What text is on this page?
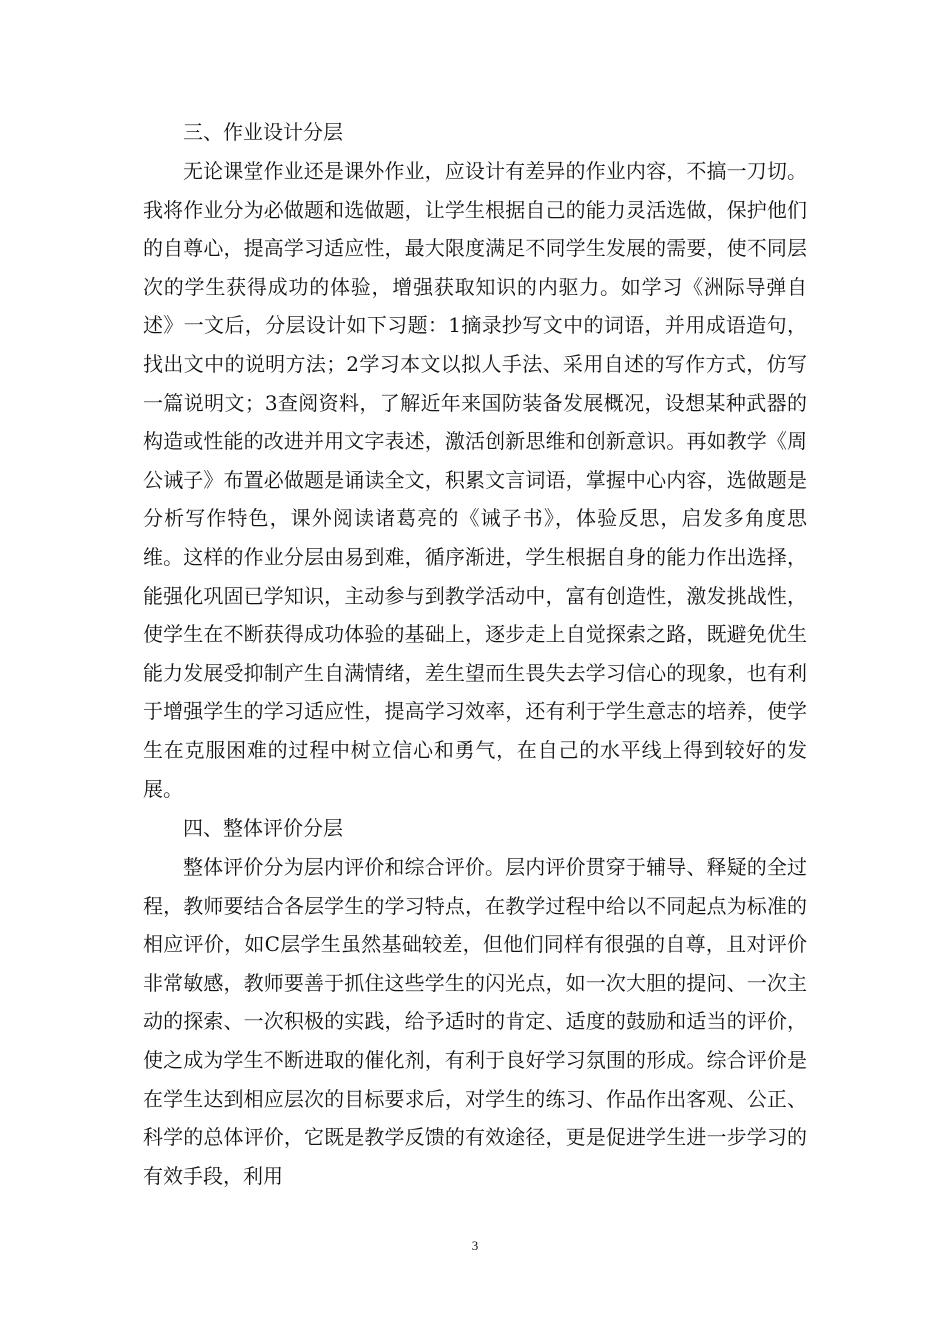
三、作业设计分层

无论课堂作业还是课外作业，应设计有差异的作业内容，不搞一刀切。我将作业分为必做题和选做题，让学生根据自己的能力灵活选做，保护他们的自尊心，提高学习适应性，最大限度满足不同学生发展的需要，使不同层次的学生获得成功的体验，增强获取知识的内驱力。如学习《洲际导弹自述》一文后，分层设计如下习题：1摘录抄写文中的词语，并用成语造句，找出文中的说明方法；2学习本文以拟人手法、采用自述的写作方式，仿写一篇说明文；3查阅资料，了解近年来国防装备发展概况，设想某种武器的构造或性能的改进并用文字表述，激活创新思维和创新意识。再如教学《周公诫子》布置必做题是诵读全文，积累文言词语，掌握中心内容，选做题是分析写作特色，课外阅读诸葛亮的《诫子书》，体验反思，启发多角度思维。这样的作业分层由易到难，循序渐进，学生根据自身的能力作出选择，能强化巩固已学知识，主动参与到教学活动中，富有创造性，激发挑战性，使学生在不断获得成功体验的基础上，逐步走上自觉探索之路，既避免优生能力发展受抑制产生自满情绪，差生望而生畏失去学习信心的现象，也有利于增强学生的学习适应性，提高学习效率，还有利于学生意志的培养，使学生在克服困难的过程中树立信心和勇气，在自己的水平线上得到较好的发展。

四、整体评价分层

整体评价分为层内评价和综合评价。层内评价贯穿于辅导、释疑的全过程，教师要结合各层学生的学习特点，在教学过程中给以不同起点为标准的相应评价，如C层学生虽然基础较差，但他们同样有很强的自尊，且对评价非常敏感，教师要善于抓住这些学生的闪光点，如一次大胆的提问、一次主动的探索、一次积极的实践，给予适时的肯定、适度的鼓励和适当的评价，使之成为学生不断进取的催化剂，有利于良好学习氛围的形成。综合评价是在学生达到相应层次的目标要求后，对学生的练习、作品作出客观、公正、科学的总体评价，它既是教学反馈的有效途径，更是促进学生进一步学习的有效手段，利用

3
